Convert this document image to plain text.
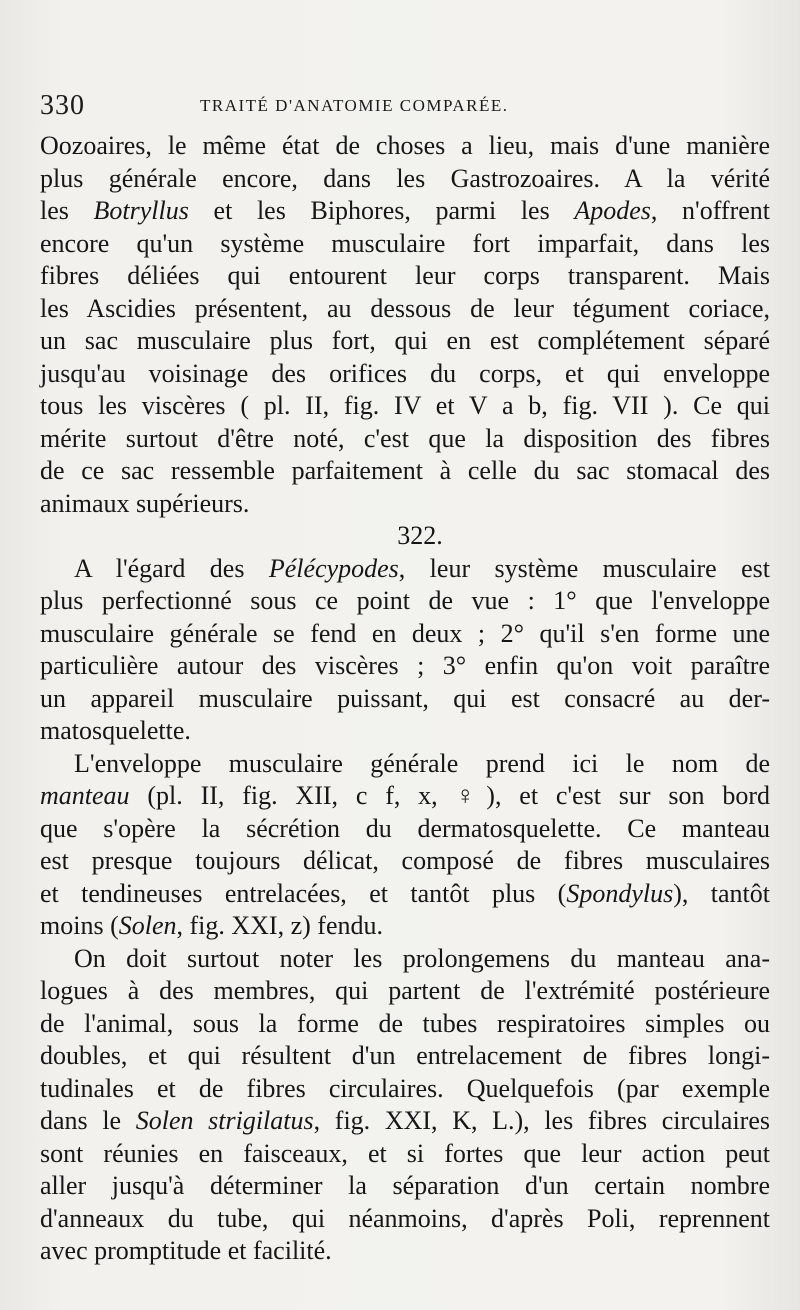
330	TRAITÉ D'ANATOMIE COMPARÉE.
Oozoaires, le même état de choses a lieu, mais d'une manière
plus générale encore, dans les Gastrozoaires. A la vérité
les Botryllus et les Biphores, parmi les Apodes, n'offrent
encore qu'un système musculaire fort imparfait, dans les
fibres déliées qui entourent leur corps transparent. Mais
les Ascidies présentent, au dessous de leur tégument coriace,
un sac musculaire plus fort, qui en est complétement séparé
jusqu'au voisinage des orifices du corps, et qui enveloppe
tous les viscères ( pl. II, fig. IV et V a b, fig. VII ). Ce qui
mérite surtout d'être noté, c'est que la disposition des fibres
de ce sac ressemble parfaitement à celle du sac stomacal des
animaux supérieurs.
322.
A l'égard des Pélécypodes, leur système musculaire est
plus perfectionné sous ce point de vue : 1° que l'enveloppe
musculaire générale se fend en deux ; 2° qu'il s'en forme une
particulière autour des viscères ; 3° enfin qu'on voit paraître
un appareil musculaire puissant, qui est consacré au der-
matosquelette.
L'enveloppe musculaire générale prend ici le nom de
manteau (pl. II, fig. XII, c f, x, ♀), et c'est sur son bord
que s'opère la sécrétion du dermatosquelette. Ce manteau
est presque toujours délicat, composé de fibres musculaires
et tendineuses entrelacées, et tantôt plus (Spondylus), tantôt
moins (Solen, fig. XXI, z) fendu.
On doit surtout noter les prolongemens du manteau ana-
logues à des membres, qui partent de l'extrémité postérieure
de l'animal, sous la forme de tubes respiratoires simples ou
doubles, et qui résultent d'un entrelacement de fibres longi-
tudinales et de fibres circulaires. Quelquefois (par exemple
dans le Solen strigilatus, fig. XXI, K, L.), les fibres circulaires
sont réunies en faisceaux, et si fortes que leur action peut
aller jusqu'à déterminer la séparation d'un certain nombre
d'anneaux du tube, qui néanmoins, d'après Poli, reprennent
avec promptitude et facilité.
